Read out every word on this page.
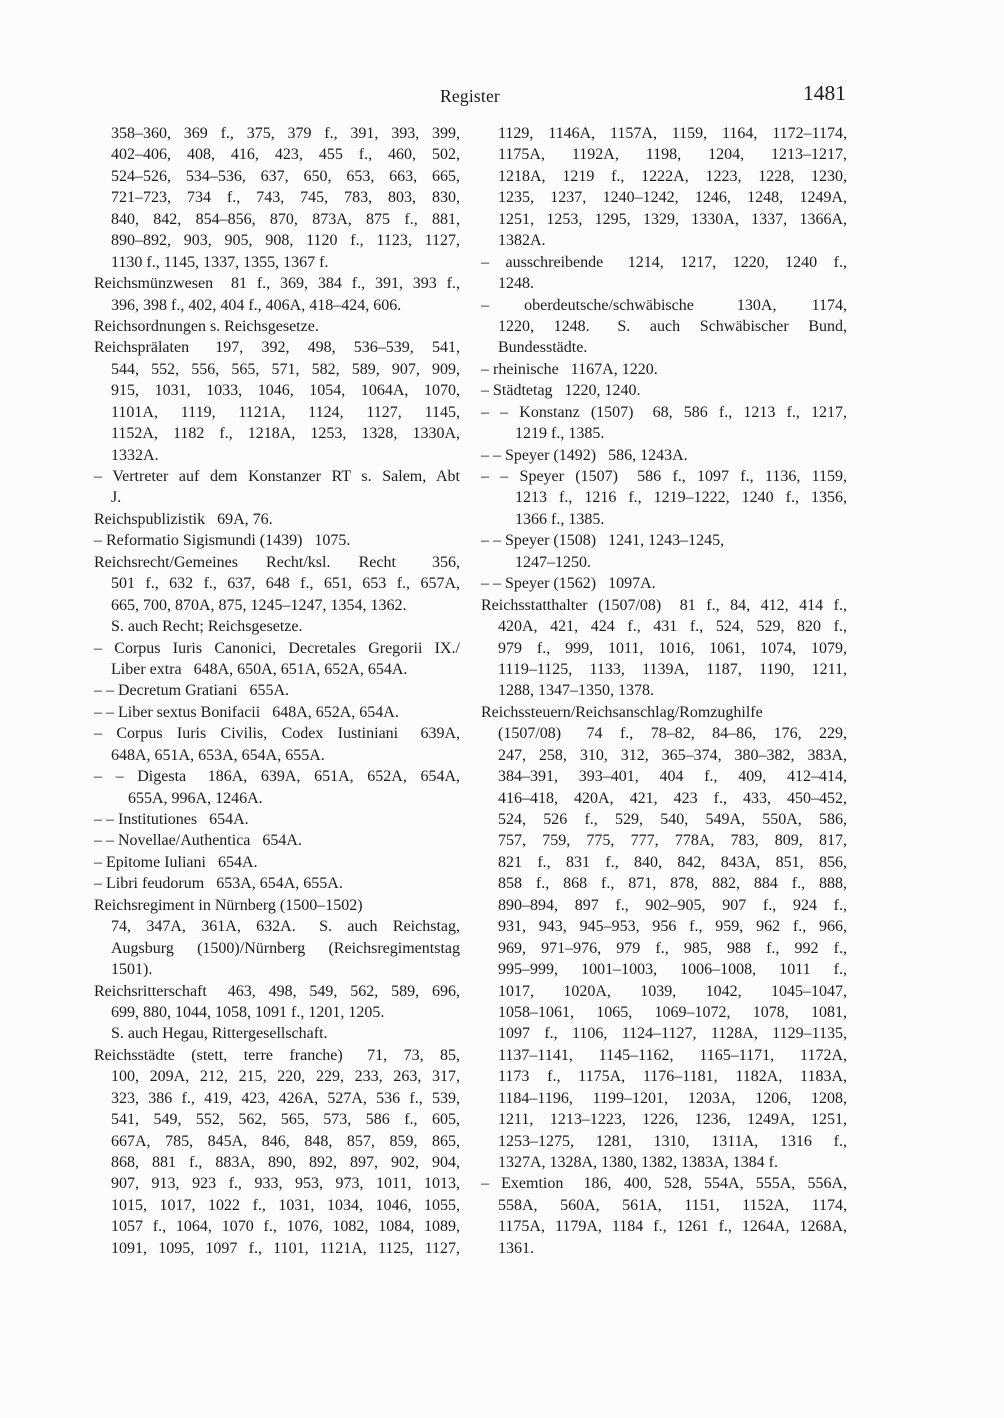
Register	1481
358–360, 369 f., 375, 379 f., 391, 393, 399,
402–406, 408, 416, 423, 455 f., 460, 502,
524–526, 534–536, 637, 650, 653, 663, 665,
721–723, 734 f., 743, 745, 783, 803, 830,
840, 842, 854–856, 870, 873A, 875 f., 881,
890–892, 903, 905, 908, 1120 f., 1123, 1127,
1130 f., 1145, 1337, 1355, 1367 f.
Reichsmünzwesen  81 f., 369, 384 f., 391, 393 f.,
396, 398 f., 402, 404 f., 406A, 418–424, 606.
Reichsordnungen s. Reichsgesetze.
Reichsprälaten  197, 392, 498, 536–539, 541,
544, 552, 556, 565, 571, 582, 589, 907, 909,
915, 1031, 1033, 1046, 1054, 1064A, 1070,
1101A, 1119, 1121A, 1124, 1127, 1145,
1152A, 1182 f., 1218A, 1253, 1328, 1330A,
1332A.
– Vertreter auf dem Konstanzer RT s. Salem, Abt
J.
Reichspublizistik  69A, 76.
– Reformatio Sigismundi (1439)  1075.
Reichsrecht/Gemeines Recht/ksl. Recht  356,
501 f., 632 f., 637, 648 f., 651, 653 f., 657A,
665, 700, 870A, 875, 1245–1247, 1354, 1362.
S. auch Recht; Reichsgesetze.
– Corpus Iuris Canonici, Decretales Gregorii IX./
Liber extra  648A, 650A, 651A, 652A, 654A.
– – Decretum Gratiani  655A.
– – Liber sextus Bonifacii  648A, 652A, 654A.
– Corpus Iuris Civilis, Codex Iustiniani  639A,
648A, 651A, 653A, 654A, 655A.
– – Digesta  186A, 639A, 651A, 652A, 654A,
655A, 996A, 1246A.
– – Institutiones  654A.
– – Novellae/Authentica  654A.
– Epitome Iuliani  654A.
– Libri feudorum  653A, 654A, 655A.
Reichsregiment in Nürnberg (1500–1502)
74, 347A, 361A, 632A.  S. auch Reichstag,
Augsburg (1500)/Nürnberg (Reichsregimentstag
1501).
Reichsritterschaft  463, 498, 549, 562, 589, 696,
699, 880, 1044, 1058, 1091 f., 1201, 1205.
S. auch Hegau, Rittergesellschaft.
Reichsstädte (stett, terre franche)  71, 73, 85,
100, 209A, 212, 215, 220, 229, 233, 263, 317,
323, 386 f., 419, 423, 426A, 527A, 536 f., 539,
541, 549, 552, 562, 565, 573, 586 f., 605,
667A, 785, 845A, 846, 848, 857, 859, 865,
868, 881 f., 883A, 890, 892, 897, 902, 904,
907, 913, 923 f., 933, 953, 973, 1011, 1013,
1015, 1017, 1022 f., 1031, 1034, 1046, 1055,
1057 f., 1064, 1070 f., 1076, 1082, 1084, 1089,
1091, 1095, 1097 f., 1101, 1121A, 1125, 1127,
1129, 1146A, 1157A, 1159, 1164, 1172–1174,
1175A, 1192A, 1198, 1204, 1213–1217,
1218A, 1219 f., 1222A, 1223, 1228, 1230,
1235, 1237, 1240–1242, 1246, 1248, 1249A,
1251, 1253, 1295, 1329, 1330A, 1337, 1366A,
1382A.
– ausschreibende  1214, 1217, 1220, 1240 f.,
1248.
– oberdeutsche/schwäbische  130A, 1174,
1220, 1248.  S. auch Schwäbischer Bund,
Bundesstädte.
– rheinische  1167A, 1220.
– Städtetag  1220, 1240.
– – Konstanz (1507)  68, 586 f., 1213 f., 1217,
1219 f., 1385.
– – Speyer (1492)  586, 1243A.
– – Speyer (1507)  586 f., 1097 f., 1136, 1159,
1213 f., 1216 f., 1219–1222, 1240 f., 1356,
1366 f., 1385.
– – Speyer (1508)  1241, 1243–1245,
1247–1250.
– – Speyer (1562)  1097A.
Reichsstatthalter (1507/08)  81 f., 84, 412, 414 f.,
420A, 421, 424 f., 431 f., 524, 529, 820 f.,
979 f., 999, 1011, 1016, 1061, 1074, 1079,
1119–1125, 1133, 1139A, 1187, 1190, 1211,
1288, 1347–1350, 1378.
Reichssteuern/Reichsanschlag/Romzughilfe
(1507/08)  74 f., 78–82, 84–86, 176, 229,
247, 258, 310, 312, 365–374, 380–382, 383A,
384–391, 393–401, 404 f., 409, 412–414,
416–418, 420A, 421, 423 f., 433, 450–452,
524, 526 f., 529, 540, 549A, 550A, 586,
757, 759, 775, 777, 778A, 783, 809, 817,
821 f., 831 f., 840, 842, 843A, 851, 856,
858 f., 868 f., 871, 878, 882, 884 f., 888,
890–894, 897 f., 902–905, 907 f., 924 f.,
931, 943, 945–953, 956 f., 959, 962 f., 966,
969, 971–976, 979 f., 985, 988 f., 992 f.,
995–999, 1001–1003, 1006–1008, 1011 f.,
1017, 1020A, 1039, 1042, 1045–1047,
1058–1061, 1065, 1069–1072, 1078, 1081,
1097 f., 1106, 1124–1127, 1128A, 1129–1135,
1137–1141, 1145–1162, 1165–1171, 1172A,
1173 f., 1175A, 1176–1181, 1182A, 1183A,
1184–1196, 1199–1201, 1203A, 1206, 1208,
1211, 1213–1223, 1226, 1236, 1249A, 1251,
1253–1275, 1281, 1310, 1311A, 1316 f.,
1327A, 1328A, 1380, 1382, 1383A, 1384 f.
– Exemtion  186, 400, 528, 554A, 555A, 556A,
558A, 560A, 561A, 1151, 1152A, 1174,
1175A, 1179A, 1184 f., 1261 f., 1264A, 1268A,
1361.
